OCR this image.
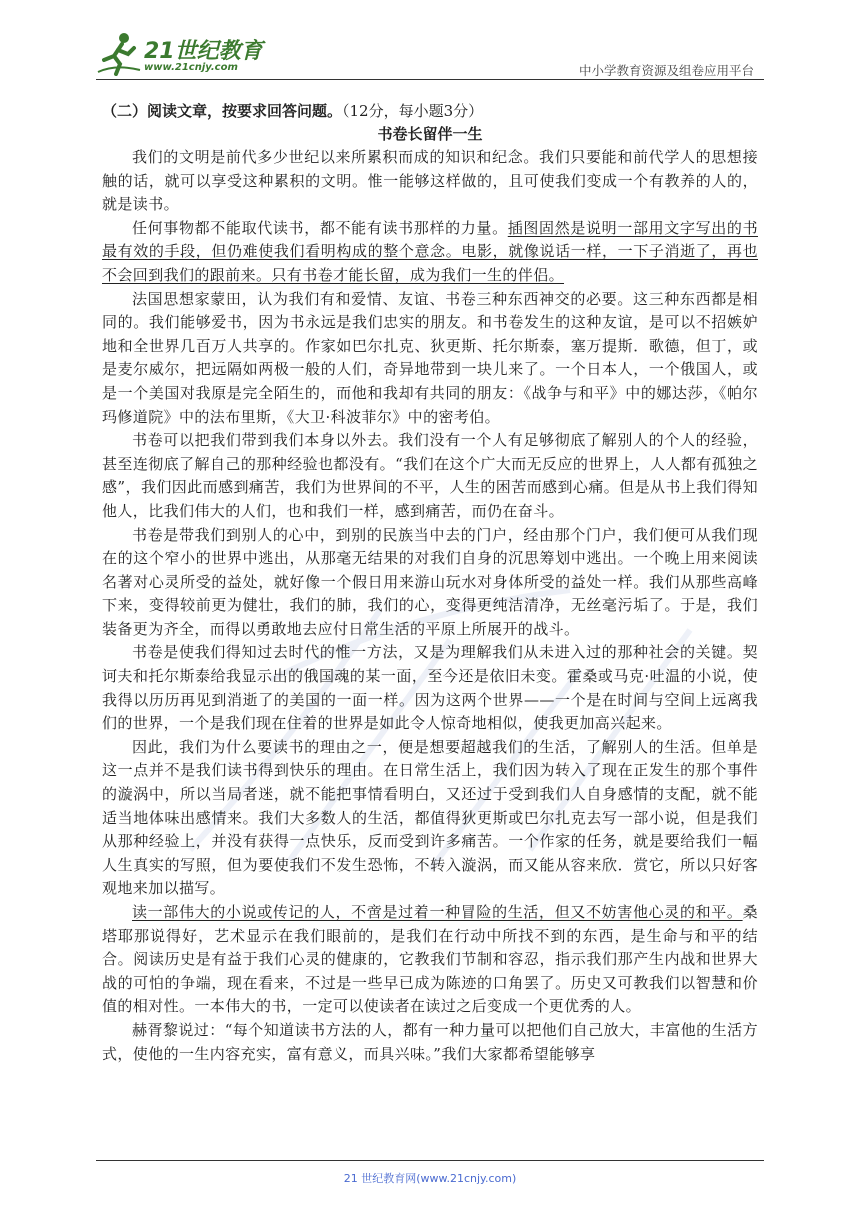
21世纪教育
www.21cnjy.com	中小学教育资源及组卷应用平台

（二）阅读文章，按要求回答问题。（12分，每小题3分）

书卷长留伴一生

我们的文明是前代多少世纪以来所累积而成的知识和纪念。我们只要能和前代学人的思想接触的话，就可以享受这种累积的文明。惟一能够这样做的，且可使我们变成一个有教养的人的，就是读书。

任何事物都不能取代读书，都不能有读书那样的力量。插图固然是说明一部用文字写出的书最有效的手段，但仍难使我们看明构成的整个意念。电影，就像说话一样，一下子消逝了，再也不会回到我们的跟前来。只有书卷才能长留，成为我们一生的伴侣。

法国思想家蒙田，认为我们有和爱情、友谊、书卷三种东西神交的必要。这三种东西都是相同的。我们能够爱书，因为书永远是我们忠实的朋友。和书卷发生的这种友谊，是可以不招嫉妒地和全世界几百万人共享的。作家如巴尔扎克、狄更斯、托尔斯泰，塞万提斯．歌德，但丁，或是麦尔威尔，把远隔如两极一般的人们，奇异地带到一块儿来了。一个日本人，一个俄国人，或是一个美国对我原是完全陌生的，而他和我却有共同的朋友：《战争与和平》中的娜达莎，《帕尔玛修道院》中的法布里斯，《大卫·科波菲尔》中的密考伯。

书卷可以把我们带到我们本身以外去。我们没有一个人有足够彻底了解别人的个人的经验，甚至连彻底了解自己的那种经验也都没有。“我们在这个广大而无反应的世界上，人人都有孤独之感”，我们因此而感到痛苦，我们为世界间的不平，人生的困苦而感到心痛。但是从书上我们得知他人，比我们伟大的人们，也和我们一样，感到痛苦，而仍在奋斗。

书卷是带我们到别人的心中，到别的民族当中去的门户，经由那个门户，我们便可从我们现在的这个窄小的世界中逃出，从那毫无结果的对我们自身的沉思筹划中逃出。一个晚上用来阅读名著对心灵所受的益处，就好像一个假日用来游山玩水对身体所受的益处一样。我们从那些高峰下来，变得较前更为健壮，我们的肺，我们的心，变得更纯洁清净，无丝毫污垢了。于是，我们装备更为齐全，而得以勇敢地去应付日常生活的平原上所展开的战斗。

书卷是使我们得知过去时代的惟一方法，又是为理解我们从未进入过的那种社会的关键。契诃夫和托尔斯泰给我显示出的俄国魂的某一面，至今还是依旧未变。霍桑或马克·吐温的小说，使我得以历历再见到消逝了的美国的一面一样。因为这两个世界——一个是在时间与空间上远离我们的世界，一个是我们现在住着的世界是如此令人惊奇地相似，使我更加高兴起来。

因此，我们为什么要读书的理由之一，便是想要超越我们的生活，了解别人的生活。但单是这一点并不是我们读书得到快乐的理由。在日常生活上，我们因为转入了现在正发生的那个事件的漩涡中，所以当局者迷，就不能把事情看明白，又还过于受到我们人自身感情的支配，就不能适当地体味出感情来。我们大多数人的生活，都值得狄更斯或巴尔扎克去写一部小说，但是我们从那种经验上，并没有获得一点快乐，反而受到许多痛苦。一个作家的任务，就是要给我们一幅人生真实的写照，但为要使我们不发生恐怖，不转入漩涡，而又能从容来欣．赏它，所以只好客观地来加以描写。

读一部伟大的小说或传记的人，不啻是过着一种冒险的生活，但又不妨害他心灵的和平。桑塔耶那说得好，艺术显示在我们眼前的，是我们在行动中所找不到的东西，是生命与和平的结合。阅读历史是有益于我们心灵的健康的，它教我们节制和容忍，指示我们那产生内战和世界大战的可怕的争端，现在看来，不过是一些早已成为陈迹的口角罢了。历史又可教我们以智慧和价值的相对性。一本伟大的书，一定可以使读者在读过之后变成一个更优秀的人。

赫胥黎说过：“每个知道读书方法的人，都有一种力量可以把他们自己放大，丰富他的生活方式，使他的一生内容充实，富有意义，而具兴味。”我们大家都希望能够享

21 世纪教育网(www.21cnjy.com)
